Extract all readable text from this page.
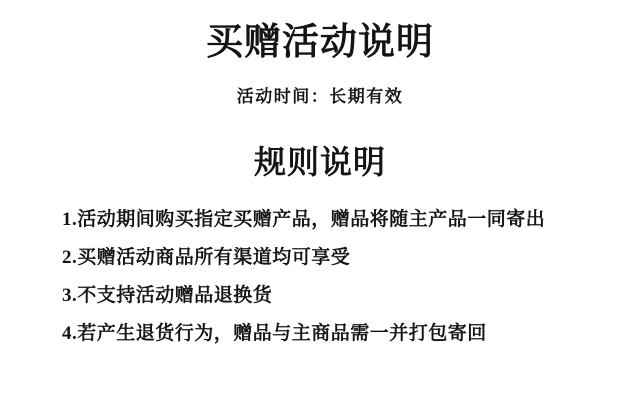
买赠活动说明
活动时间：长期有效
规则说明
1.活动期间购买指定买赠产品，赠品将随主产品一同寄出
2.买赠活动商品所有渠道均可享受
3.不支持活动赠品退换货
4.若产生退货行为，赠品与主商品需一并打包寄回
